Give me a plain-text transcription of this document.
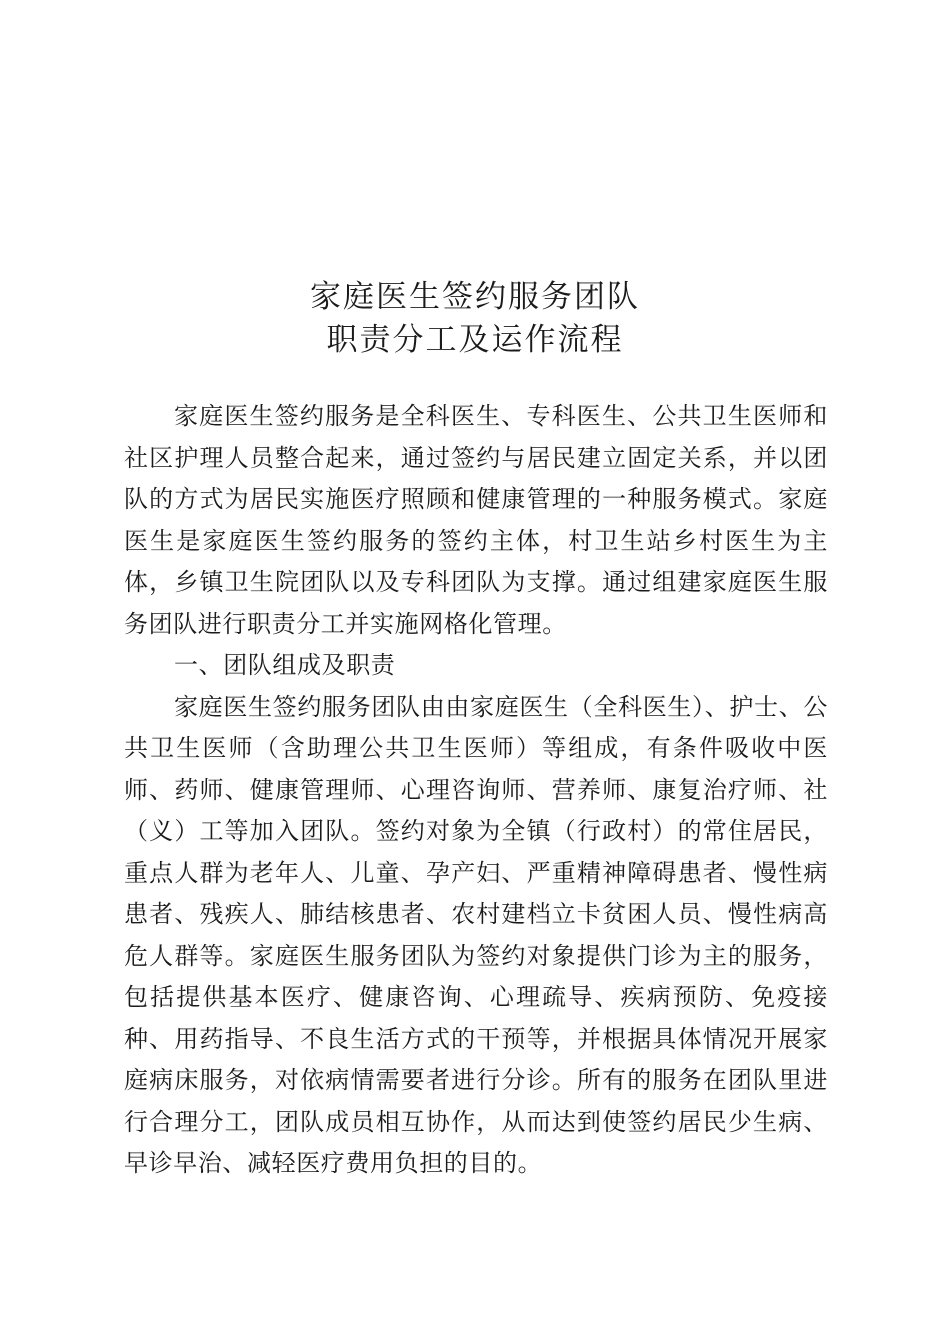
家庭医生签约服务团队
职责分工及运作流程

家庭医生签约服务是全科医生、专科医生、公共卫生医师和社区护理人员整合起来，通过签约与居民建立固定关系，并以团队的方式为居民实施医疗照顾和健康管理的一种服务模式。家庭医生是家庭医生签约服务的签约主体，村卫生站乡村医生为主体，乡镇卫生院团队以及专科团队为支撑。通过组建家庭医生服务团队进行职责分工并实施网格化管理。

一、团队组成及职责

家庭医生签约服务团队由由家庭医生（全科医生）、护士、公共卫生医师（含助理公共卫生医师）等组成，有条件吸收中医师、药师、健康管理师、心理咨询师、营养师、康复治疗师、社（义）工等加入团队。签约对象为全镇（行政村）的常住居民，重点人群为老年人、儿童、孕产妇、严重精神障碍患者、慢性病患者、残疾人、肺结核患者、农村建档立卡贫困人员、慢性病高危人群等。家庭医生服务团队为签约对象提供门诊为主的服务，包括提供基本医疗、健康咨询、心理疏导、疾病预防、免疫接种、用药指导、不良生活方式的干预等，并根据具体情况开展家庭病床服务，对依病情需要者进行分诊。所有的服务在团队里进行合理分工，团队成员相互协作，从而达到使签约居民少生病、早诊早治、减轻医疗费用负担的目的。
